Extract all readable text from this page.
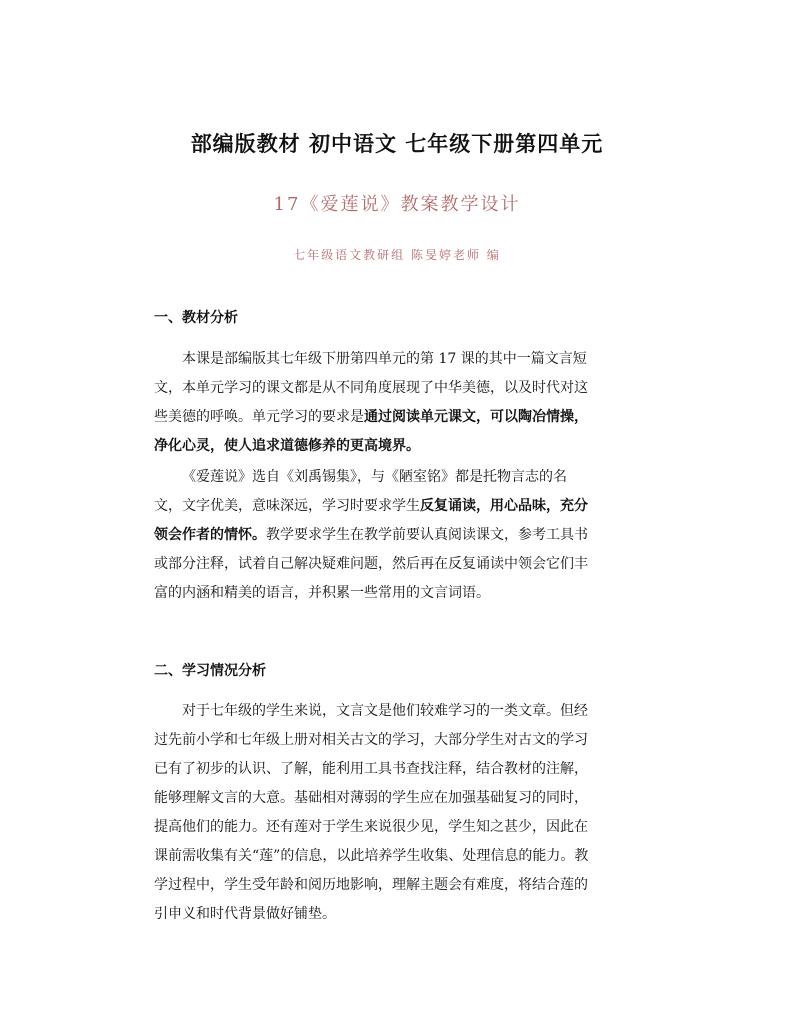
部编版教材 初中语文 七年级下册第四单元
17《爱莲说》教案教学设计
七年级语文教研组 陈旻婷老师 编
一、教材分析
本课是部编版其七年级下册第四单元的第 17 课的其中一篇文言短
文，本单元学习的课文都是从不同角度展现了中华美德，以及时代对这
些美德的呼唤。单元学习的要求是通过阅读单元课文，可以陶冶情操，
净化心灵，使人追求道德修养的更高境界。
《爱莲说》选自《刘禹锡集》，与《陋室铭》都是托物言志的名
文，文字优美，意味深远，学习时要求学生反复诵读，用心品味，充分
领会作者的情怀。教学要求学生在教学前要认真阅读课文，参考工具书
或部分注释，试着自己解决疑难问题，然后再在反复诵读中领会它们丰
富的内涵和精美的语言，并积累一些常用的文言词语。
二、学习情况分析
对于七年级的学生来说，文言文是他们较难学习的一类文章。但经
过先前小学和七年级上册对相关古文的学习，大部分学生对古文的学习
已有了初步的认识、了解，能利用工具书查找注释，结合教材的注解，
能够理解文言的大意。基础相对薄弱的学生应在加强基础复习的同时，
提高他们的能力。还有莲对于学生来说很少见，学生知之甚少，因此在
课前需收集有关“莲”的信息，以此培养学生收集、处理信息的能力。教
学过程中，学生受年龄和阅历地影响，理解主题会有难度，将结合莲的
引申义和时代背景做好铺垫。
